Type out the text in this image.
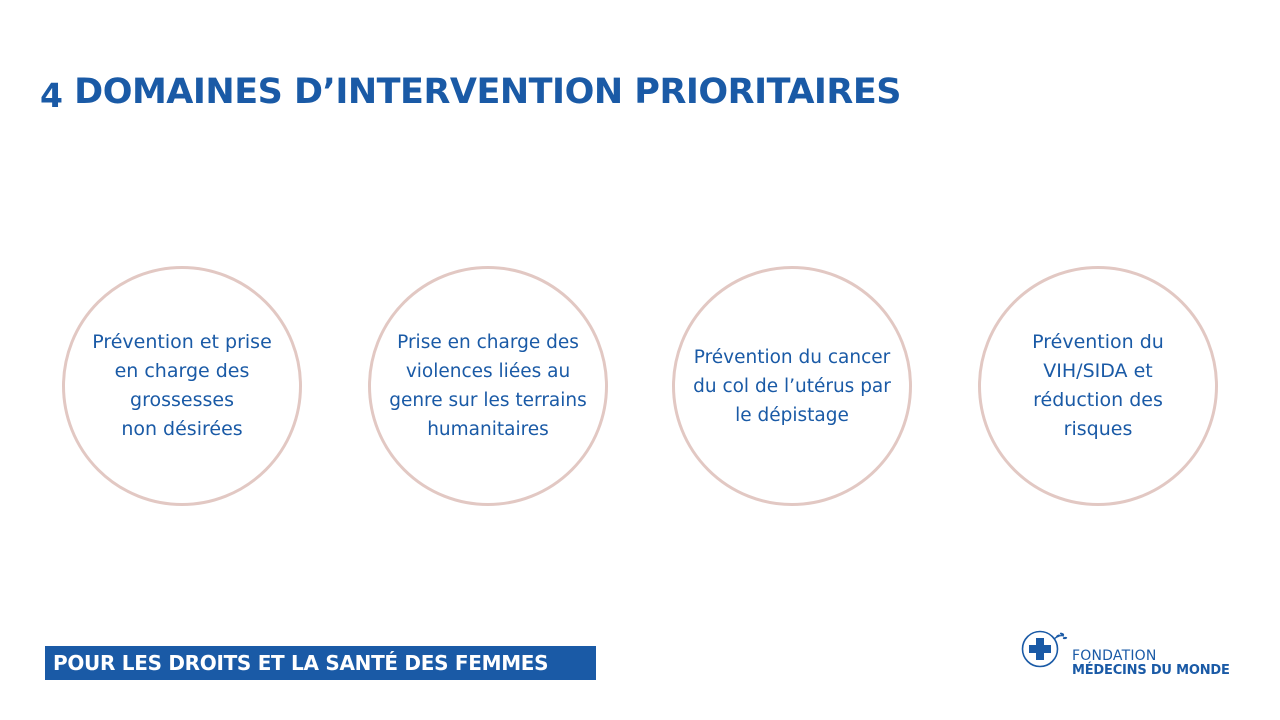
4 DOMAINES D’INTERVENTION PRIORITAIRES
Prévention et prise
en charge des
grossesses
non désirées
Prise en charge des
violences liées au
genre sur les terrains
humanitaires
Prévention du cancer
du col de l’utérus par
le dépistage
Prévention du
VIH/SIDA et
réduction des
risques
POUR LES DROITS ET LA SANTÉ DES FEMMES	FONDATION
MÉDECINS DU MONDE
